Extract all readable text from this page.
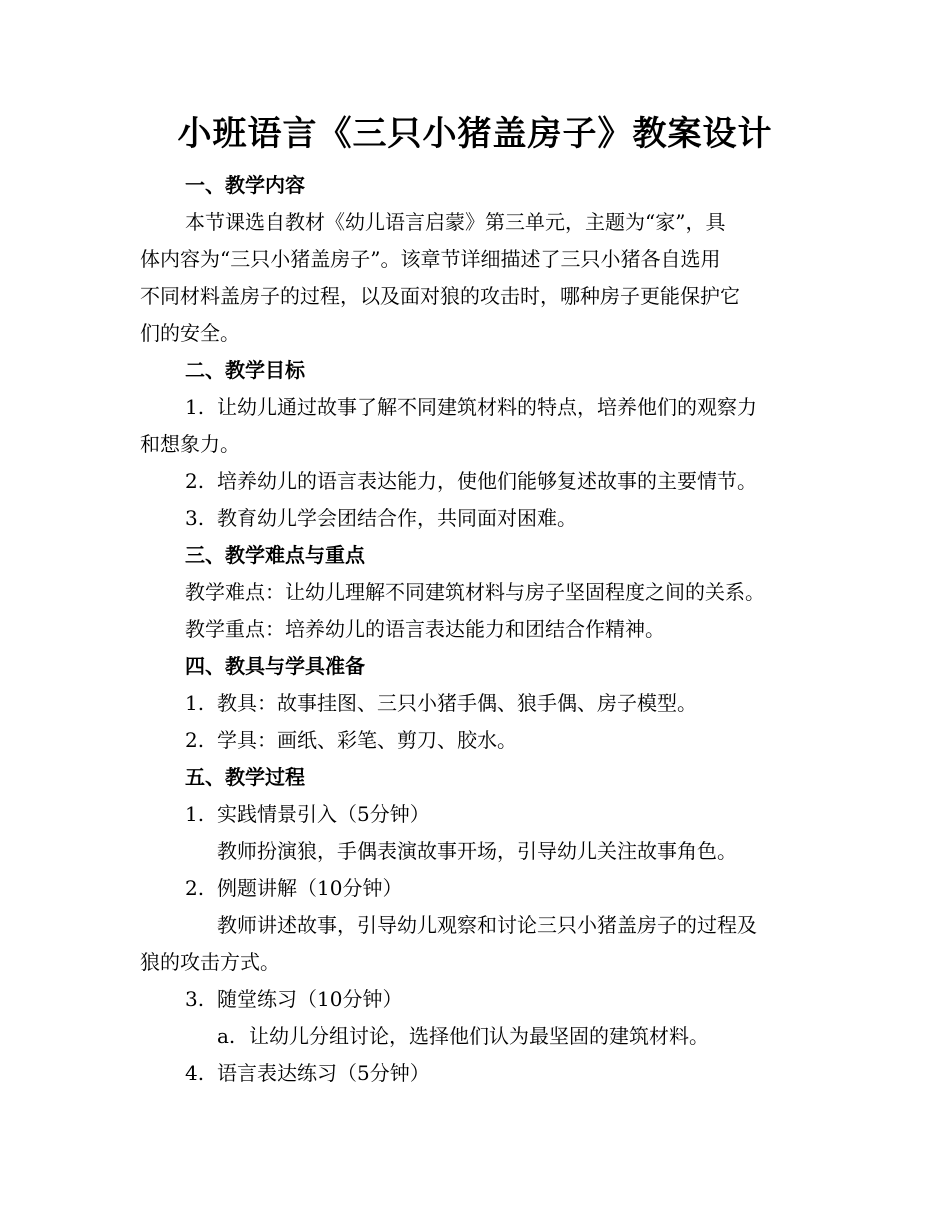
小班语言《三只小猪盖房子》教案设计
一、教学内容
本节课选自教材《幼儿语言启蒙》第三单元，主题为“家”，具
体内容为“三只小猪盖房子”。该章节详细描述了三只小猪各自选用
不同材料盖房子的过程，以及面对狼的攻击时，哪种房子更能保护它
们的安全。
二、教学目标
1. 让幼儿通过故事了解不同建筑材料的特点，培养他们的观察力
和想象力。
2. 培养幼儿的语言表达能力，使他们能够复述故事的主要情节。
3. 教育幼儿学会团结合作，共同面对困难。
三、教学难点与重点
教学难点：让幼儿理解不同建筑材料与房子坚固程度之间的关系。
教学重点：培养幼儿的语言表达能力和团结合作精神。
四、教具与学具准备
1. 教具：故事挂图、三只小猪手偶、狼手偶、房子模型。
2. 学具：画纸、彩笔、剪刀、胶水。
五、教学过程
1. 实践情景引入（5分钟）
教师扮演狼，手偶表演故事开场，引导幼儿关注故事角色。
2. 例题讲解（10分钟）
教师讲述故事，引导幼儿观察和讨论三只小猪盖房子的过程及
狼的攻击方式。
3. 随堂练习（10分钟）
a. 让幼儿分组讨论，选择他们认为最坚固的建筑材料。
4. 语言表达练习（5分钟）
